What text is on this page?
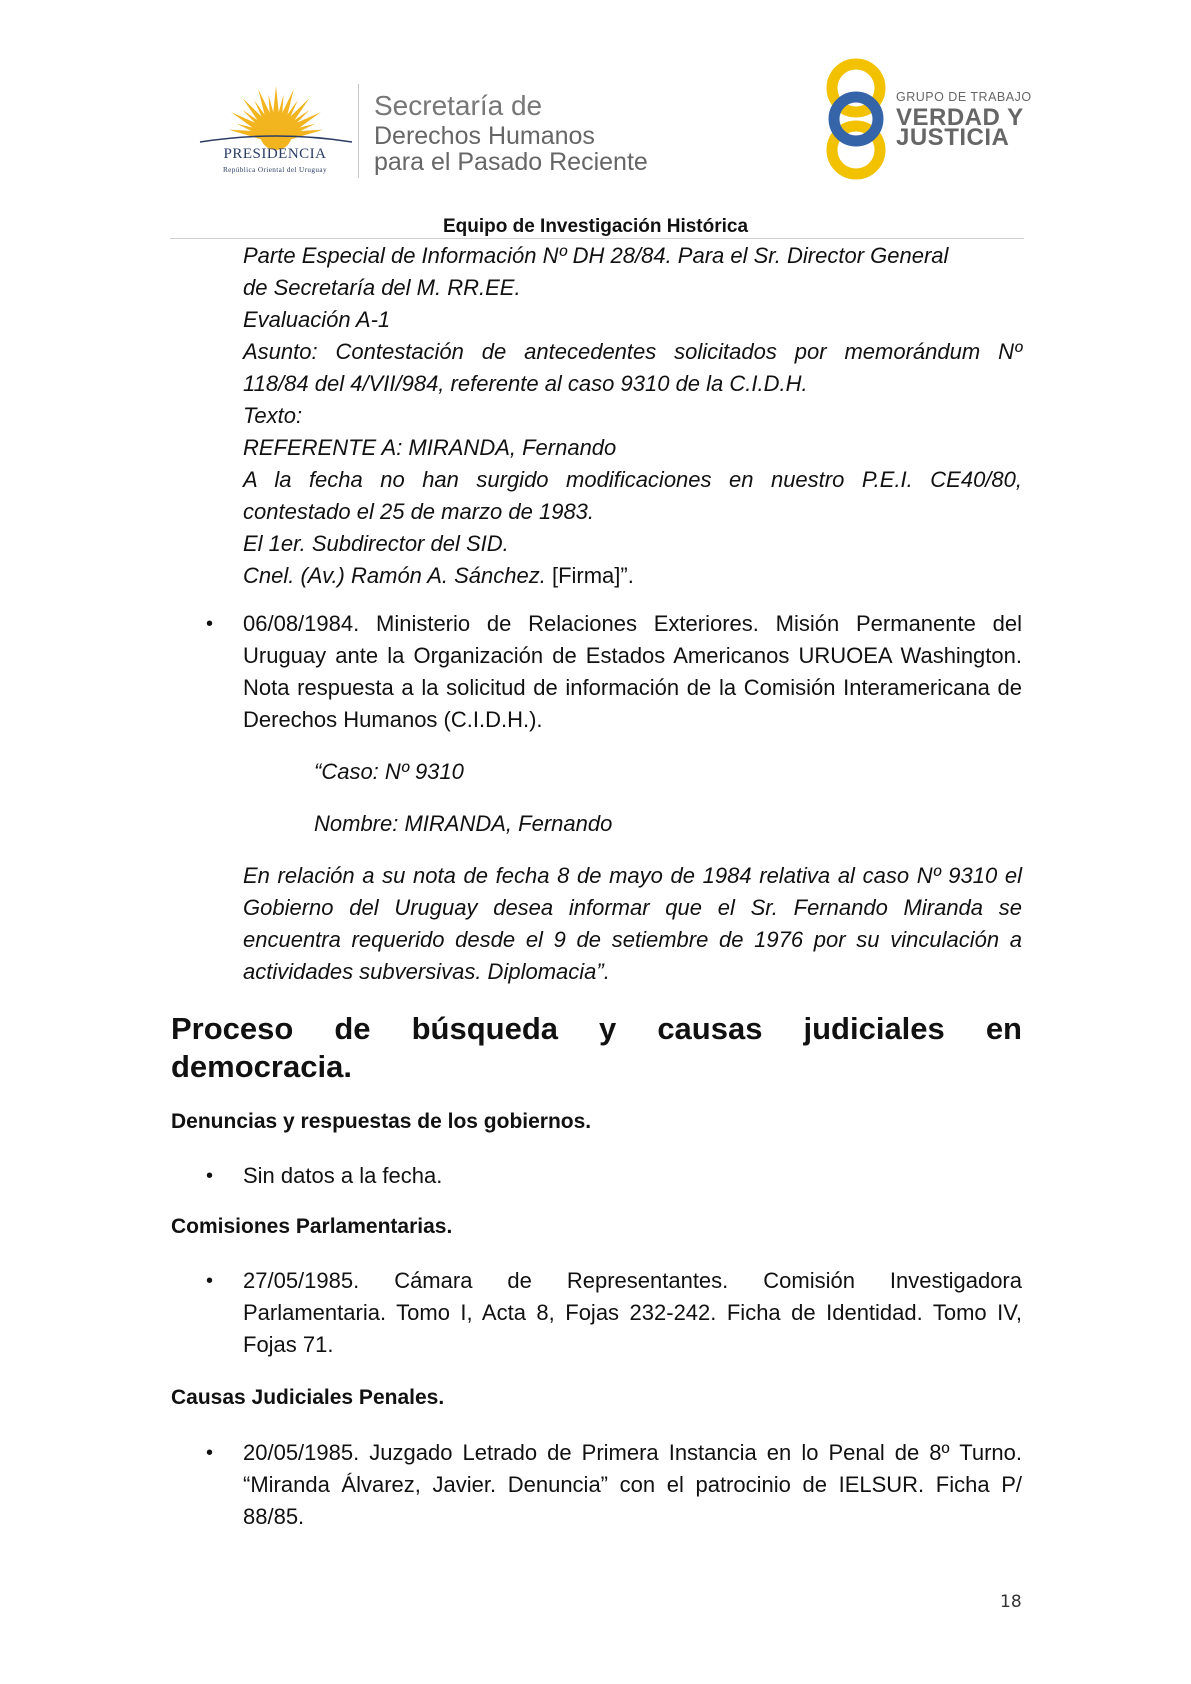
PRESIDENCIA
República Oriental del Uruguay
Secretaría de
Derechos Humanos
para el Pasado Reciente
GRUPO DE TRABAJO
VERDAD Y
JUSTICIA
Equipo de Investigación Histórica
Parte Especial de Información Nº DH 28/84. Para el Sr. Director General
de Secretaría del M. RR.EE.
Evaluación A-1
Asunto: Contestación de antecedentes solicitados por memorándum Nº
118/84 del 4/VII/984, referente al caso 9310 de la C.I.D.H.
Texto:
REFERENTE A: MIRANDA, Fernando
A la fecha no han surgido modificaciones en nuestro P.E.I. CE40/80,
contestado el 25 de marzo de 1983.
El 1er. Subdirector del SID.
Cnel. (Av.) Ramón A. Sánchez. [Firma]”.
• 06/08/1984. Ministerio de Relaciones Exteriores. Misión Permanente del Uruguay ante la Organización de Estados Americanos URUOEA Washington. Nota respuesta a la solicitud de información de la Comisión Interamericana de Derechos Humanos (C.I.D.H.).
“Caso: Nº 9310
Nombre: MIRANDA, Fernando
En relación a su nota de fecha 8 de mayo de 1984 relativa al caso Nº 9310 el Gobierno del Uruguay desea informar que el Sr. Fernando Miranda se encuentra requerido desde el 9 de setiembre de 1976 por su vinculación a actividades subversivas. Diplomacia”.
Proceso de búsqueda y causas judiciales en
democracia.
Denuncias y respuestas de los gobiernos.
• Sin datos a la fecha.
Comisiones Parlamentarias.
• 27/05/1985. Cámara de Representantes. Comisión Investigadora Parlamentaria. Tomo I, Acta 8, Fojas 232-242. Ficha de Identidad. Tomo IV, Fojas 71.
Causas Judiciales Penales.
• 20/05/1985. Juzgado Letrado de Primera Instancia en lo Penal de 8º Turno. “Miranda Álvarez, Javier. Denuncia” con el patrocinio de IELSUR. Ficha P/ 88/85.
18
